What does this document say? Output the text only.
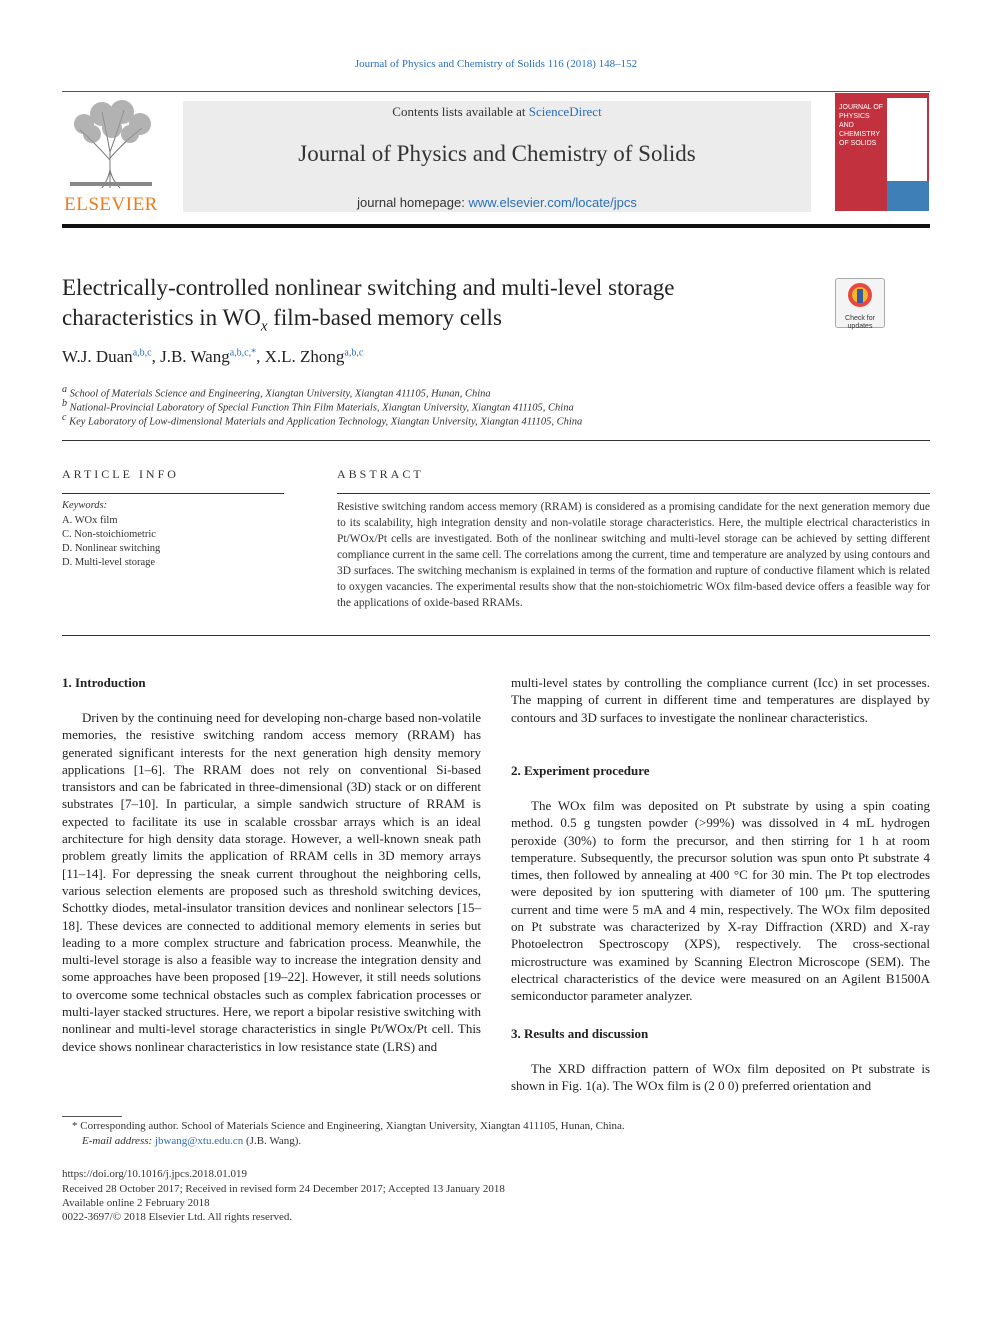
Journal of Physics and Chemistry of Solids 116 (2018) 148–152
ELSEVIER
Contents lists available at ScienceDirect
Journal of Physics and Chemistry of Solids
journal homepage: www.elsevier.com/locate/jpcs
JOURNAL OF PHYSICS AND CHEMISTRY OF SOLIDS
Electrically-controlled nonlinear switching and multi-level storage
characteristics in $WO_x$ film-based memory cells	Check for updates
W.J. Duan$^{a,b,c}$, J.B. Wang$^{a,b,c,*}$, X.L. Zhong$^{a,b,c}$
$^a$ School of Materials Science and Engineering, Xiangtan University, Xiangtan 411105, Hunan, China
$^b$ National-Provincial Laboratory of Special Function Thin Film Materials, Xiangtan University, Xiangtan 411105, China
$^c$ Key Laboratory of Low-dimensional Materials and Application Technology, Xiangtan University, Xiangtan 411105, China
ARTICLE INFO	ABSTRACT
Keywords:
A. WOx film
C. Non-stoichiometric
D. Nonlinear switching
D. Multi-level storage
Resistive switching random access memory (RRAM) is considered as a promising candidate for the next generation memory due to its scalability, high integration density and non-volatile storage characteristics. Here, the multiple electrical characteristics in Pt/WOx/Pt cells are investigated. Both of the nonlinear switching and multi-level storage can be achieved by setting different compliance current in the same cell. The correlations among the current, time and temperature are analyzed by using contours and 3D surfaces. The switching mechanism is explained in terms of the formation and rupture of conductive filament which is related to oxygen vacancies. The experimental results show that the non-stoichiometric WOx film-based device offers a feasible way for the applications of oxide-based RRAMs.
1. Introduction
Driven by the continuing need for developing non-charge based non-volatile memories, the resistive switching random access memory (RRAM) has generated significant interests for the next generation high density memory applications [1–6]. The RRAM does not rely on conventional Si-based transistors and can be fabricated in three-dimensional (3D) stack or on different substrates [7–10]. In particular, a simple sandwich structure of RRAM is expected to facilitate its use in scalable crossbar arrays which is an ideal architecture for high density data storage. However, a well-known sneak path problem greatly limits the application of RRAM cells in 3D memory arrays [11–14]. For depressing the sneak current throughout the neighboring cells, various selection elements are proposed such as threshold switching devices, Schottky diodes, metal-insulator transition devices and nonlinear selectors [15–18]. These devices are connected to additional memory elements in series but leading to a more complex structure and fabrication process. Meanwhile, the multi-level storage is also a feasible way to increase the integration density and some approaches have been proposed [19–22]. However, it still needs solutions to overcome some technical obstacles such as complex fabrication processes or multi-layer stacked structures. Here, we report a bipolar resistive switching with nonlinear and multi-level storage characteristics in single Pt/WOx/Pt cell. This device shows nonlinear characteristics in low resistance state (LRS) and
multi-level states by controlling the compliance current (Icc) in set processes. The mapping of current in different time and temperatures are displayed by contours and 3D surfaces to investigate the nonlinear characteristics.
2. Experiment procedure
The WOx film was deposited on Pt substrate by using a spin coating method. 0.5 g tungsten powder (>99%) was dissolved in 4 mL hydrogen peroxide (30%) to form the precursor, and then stirring for 1 h at room temperature. Subsequently, the precursor solution was spun onto Pt substrate 4 times, then followed by annealing at 400 °C for 30 min. The Pt top electrodes were deposited by ion sputtering with diameter of 100 μm. The sputtering current and time were 5 mA and 4 min, respectively. The WOx film deposited on Pt substrate was characterized by X-ray Diffraction (XRD) and X-ray Photoelectron Spectroscopy (XPS), respectively. The cross-sectional microstructure was examined by Scanning Electron Microscope (SEM). The electrical characteristics of the device were measured on an Agilent B1500A semiconductor parameter analyzer.
3. Results and discussion
The XRD diffraction pattern of WOx film deposited on Pt substrate is shown in Fig. 1(a). The WOx film is (2 0 0) preferred orientation and
* Corresponding author. School of Materials Science and Engineering, Xiangtan University, Xiangtan 411105, Hunan, China.
E-mail address: jbwang@xtu.edu.cn (J.B. Wang).
https://doi.org/10.1016/j.jpcs.2018.01.019
Received 28 October 2017; Received in revised form 24 December 2017; Accepted 13 January 2018
Available online 2 February 2018
0022-3697/© 2018 Elsevier Ltd. All rights reserved.
